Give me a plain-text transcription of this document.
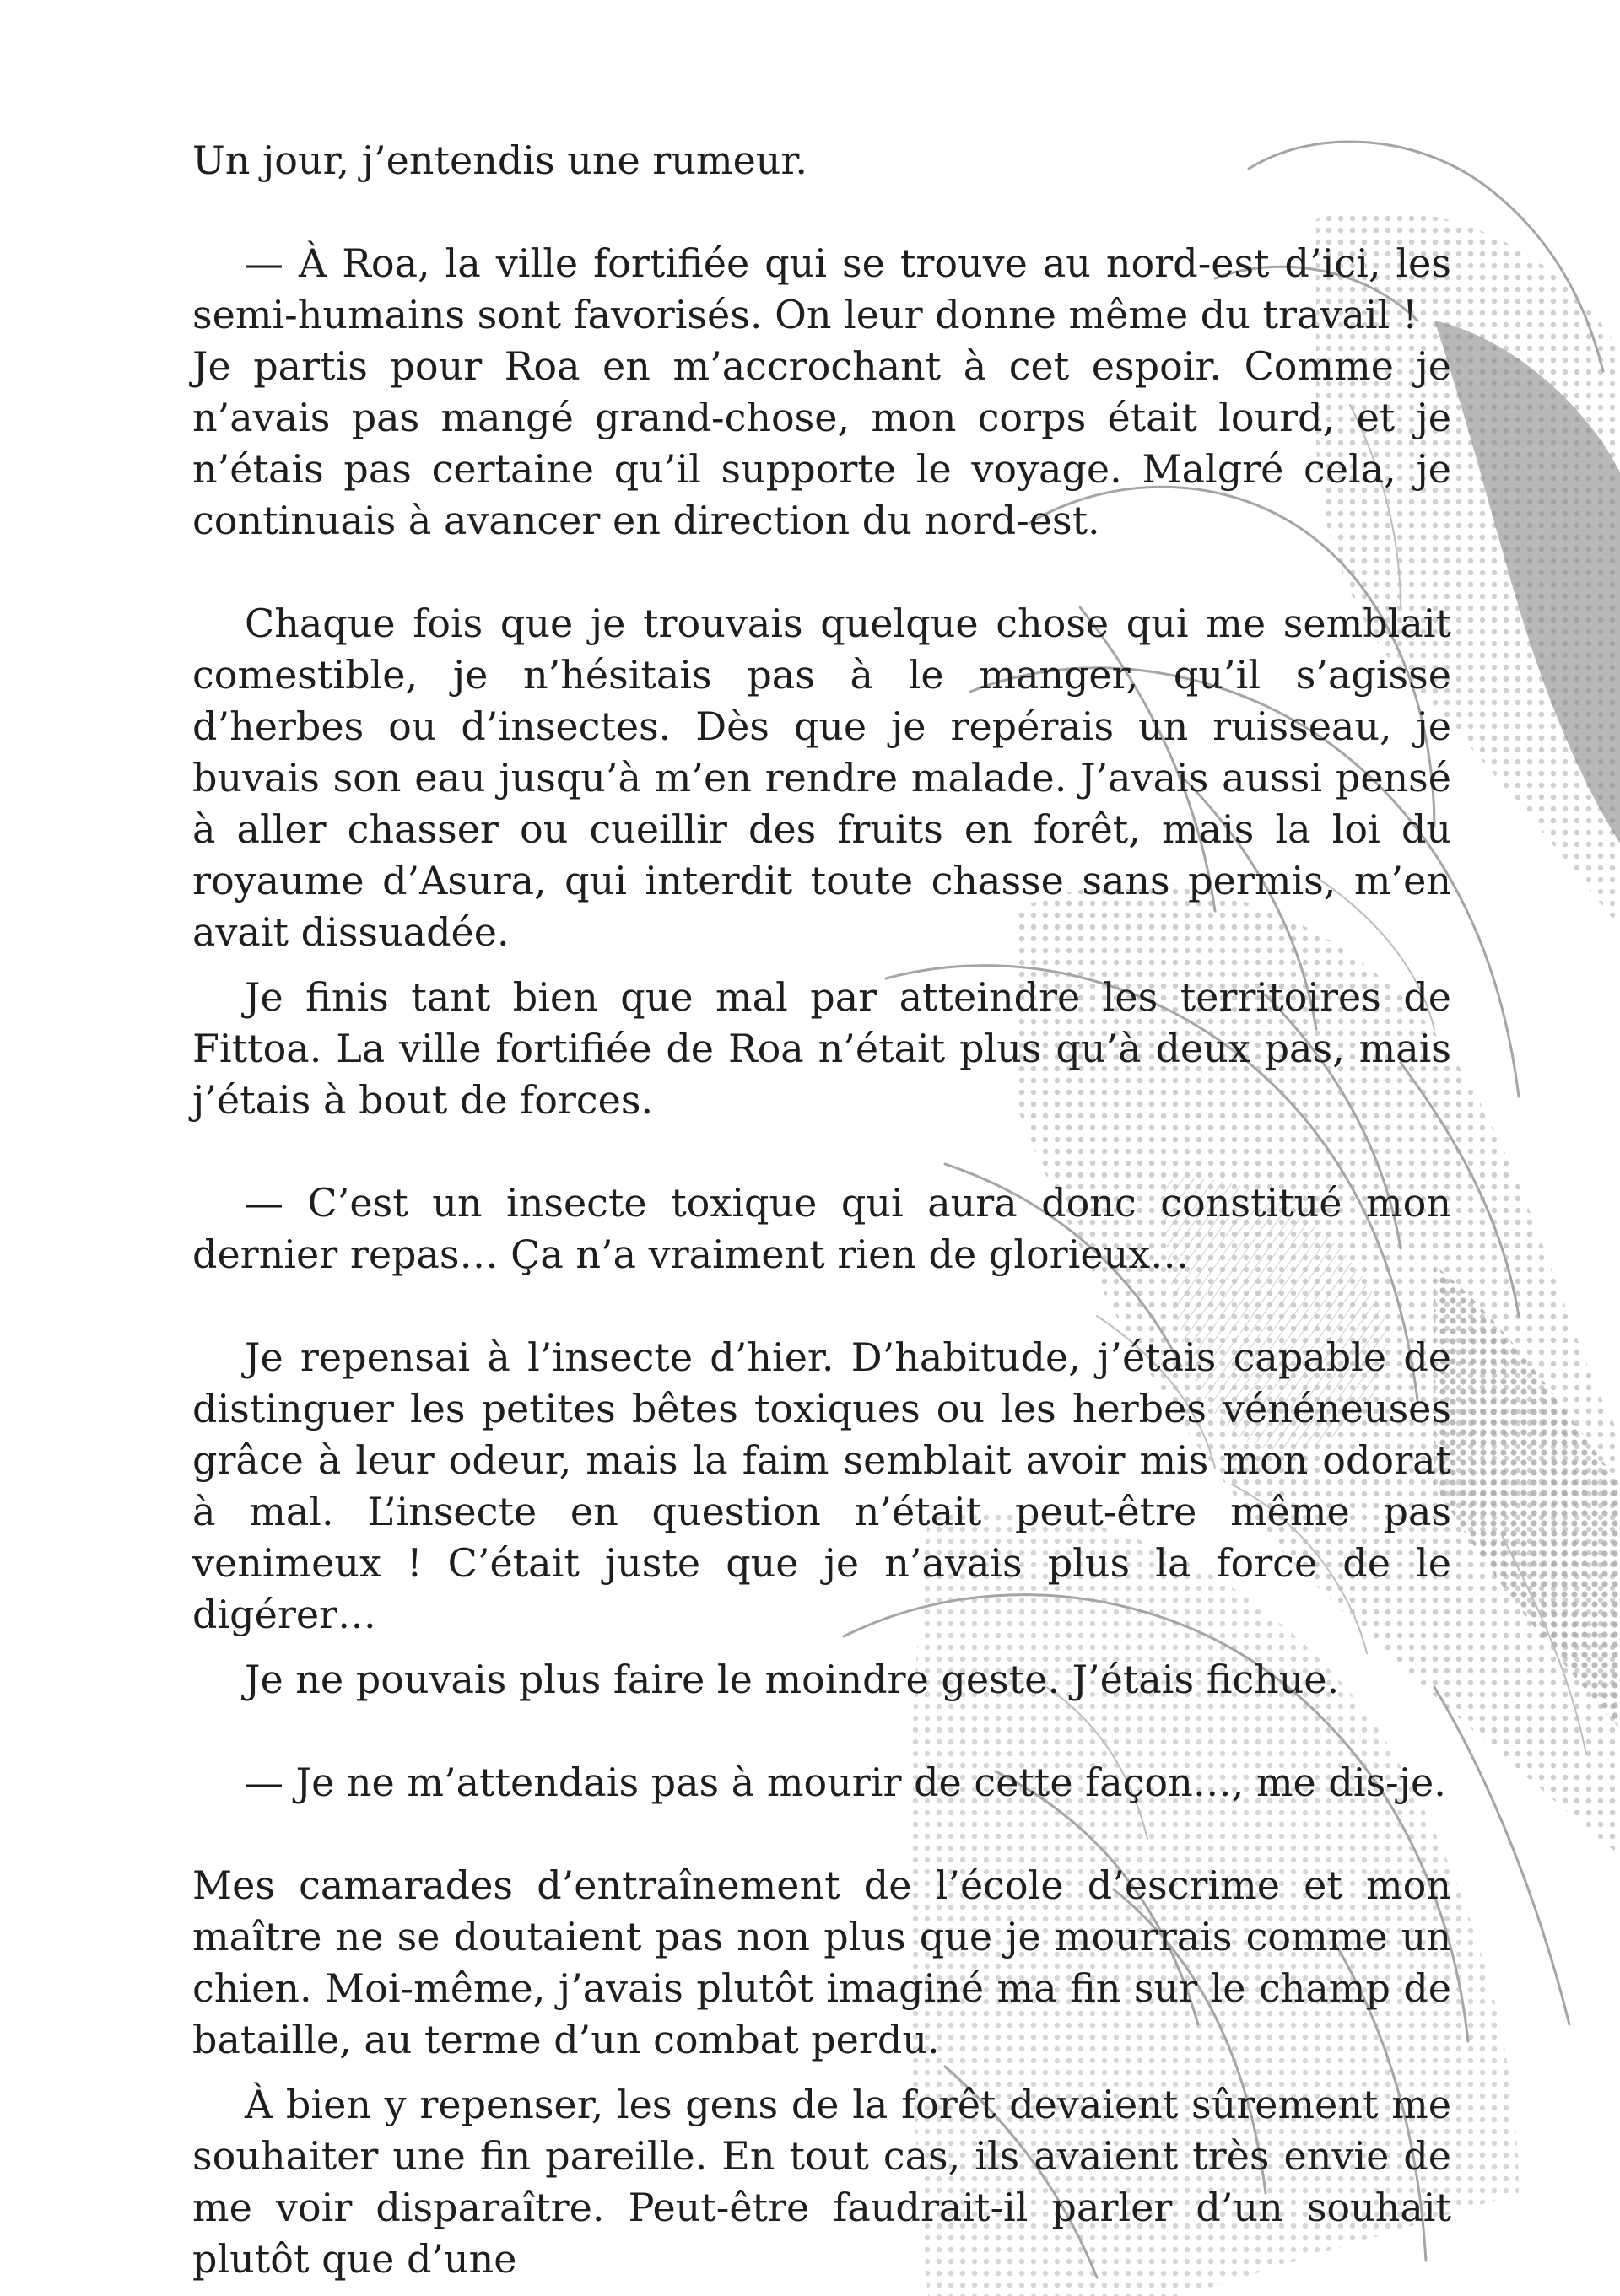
Un jour, j’entendis une rumeur.

— À Roa, la ville fortifiée qui se trouve au nord-est d’ici, les semi-humains sont favorisés. On leur donne même du travail !

Je partis pour Roa en m’accrochant à cet espoir. Comme je n’avais pas mangé grand-chose, mon corps était lourd, et je n’étais pas certaine qu’il supporte le voyage. Malgré cela, je continuais à avancer en direction du nord-est.

Chaque fois que je trouvais quelque chose qui me semblait comestible, je n’hésitais pas à le manger, qu’il s’agisse d’herbes ou d’insectes. Dès que je repérais un ruisseau, je buvais son eau jusqu’à m’en rendre malade. J’avais aussi pensé à aller chasser ou cueillir des fruits en forêt, mais la loi du royaume d’Asura, qui interdit toute chasse sans permis, m’en avait dissuadée.

Je finis tant bien que mal par atteindre les territoires de Fittoa. La ville fortifiée de Roa n’était plus qu’à deux pas, mais j’étais à bout de forces.

— C’est un insecte toxique qui aura donc constitué mon dernier repas… Ça n’a vraiment rien de glorieux…

Je repensai à l’insecte d’hier. D’habitude, j’étais capable de distinguer les petites bêtes toxiques ou les herbes vénéneuses grâce à leur odeur, mais la faim semblait avoir mis mon odorat à mal. L’insecte en question n’était peut-être même pas venimeux ! C’était juste que je n’avais plus la force de le digérer…

Je ne pouvais plus faire le moindre geste. J’étais fichue.

— Je ne m’attendais pas à mourir de cette façon…, me dis-je.

Mes camarades d’entraînement de l’école d’escrime et mon maître ne se doutaient pas non plus que je mourrais comme un chien. Moi-même, j’avais plutôt imaginé ma fin sur le champ de bataille, au terme d’un combat perdu.

À bien y repenser, les gens de la forêt devaient sûrement me souhaiter une fin pareille. En tout cas, ils avaient très envie de me voir disparaître. Peut-être faudrait-il parler d’un souhait plutôt que d’une
